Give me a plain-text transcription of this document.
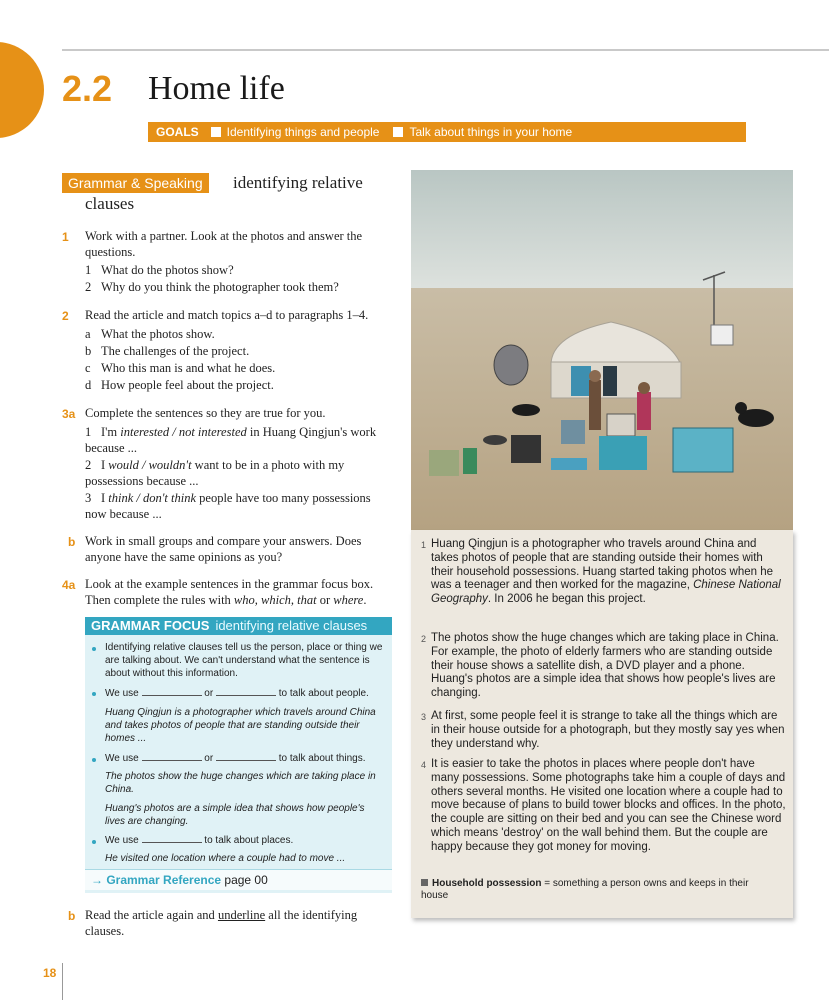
2.2 Home life
GOALS	Identifying things and people	Talk about things in your home
Grammar & Speaking	identifying relative
clauses
1 Work with a partner. Look at the photos and answer the questions.
1 What do the photos show?
2 Why do you think the photographer took them?
2 Read the article and match topics a–d to paragraphs 1–4.
a What the photos show.
b The challenges of the project.
c Who this man is and what he does.
d How people feel about the project.
3a Complete the sentences so they are true for you.
1 I'm interested / not interested in Huang Qingjun's work because ...
2 I would / wouldn't want to be in a photo with my possessions because ...
3 I think / don't think people have too many possessions now because ...
b Work in small groups and compare your answers. Does anyone have the same opinions as you?
4a Look at the example sentences in the grammar focus box. Then complete the rules with who, which, that or where.
GRAMMAR FOCUS identifying relative clauses
Identifying relative clauses tell us the person, place or thing we are talking about. We can't understand what the sentence is about without this information.
We use	or	to talk about people.
Huang Qingjun is a photographer which travels around China and takes photos of people that are standing outside their homes ...
We use	or	to talk about things.
The photos show the huge changes which are taking place in China.
Huang's photos are a simple idea that shows how people's lives are changing.
We use	to talk about places.
He visited one location where a couple had to move ...
→ Grammar Reference page 00
b Read the article again and underline all the identifying clauses.
1 Huang Qingjun is a photographer who travels around China and takes photos of people that are standing outside their homes with their household possessions. Huang started taking photos when he was a teenager and then worked for the magazine, Chinese National Geography. In 2006 he began this project.
2 The photos show the huge changes which are taking place in China. For example, the photo of elderly farmers who are standing outside their house shows a satellite dish, a DVD player and a phone. Huang's photos are a simple idea that shows how people's lives are changing.
3 At first, some people feel it is strange to take all the things which are in their house outside for a photograph, but they mostly say yes when they understand why.
4 It is easier to take the photos in places where people don't have many possessions. Some photographs take him a couple of days and others several months. He visited one location where a couple had to move because of plans to build tower blocks and offices. In the photo, the couple are sitting on their bed and you can see the Chinese word which means 'destroy' on the wall behind them. But the couple are happy because they got money for moving.
Household possession = something a person owns and keeps in their house
18
